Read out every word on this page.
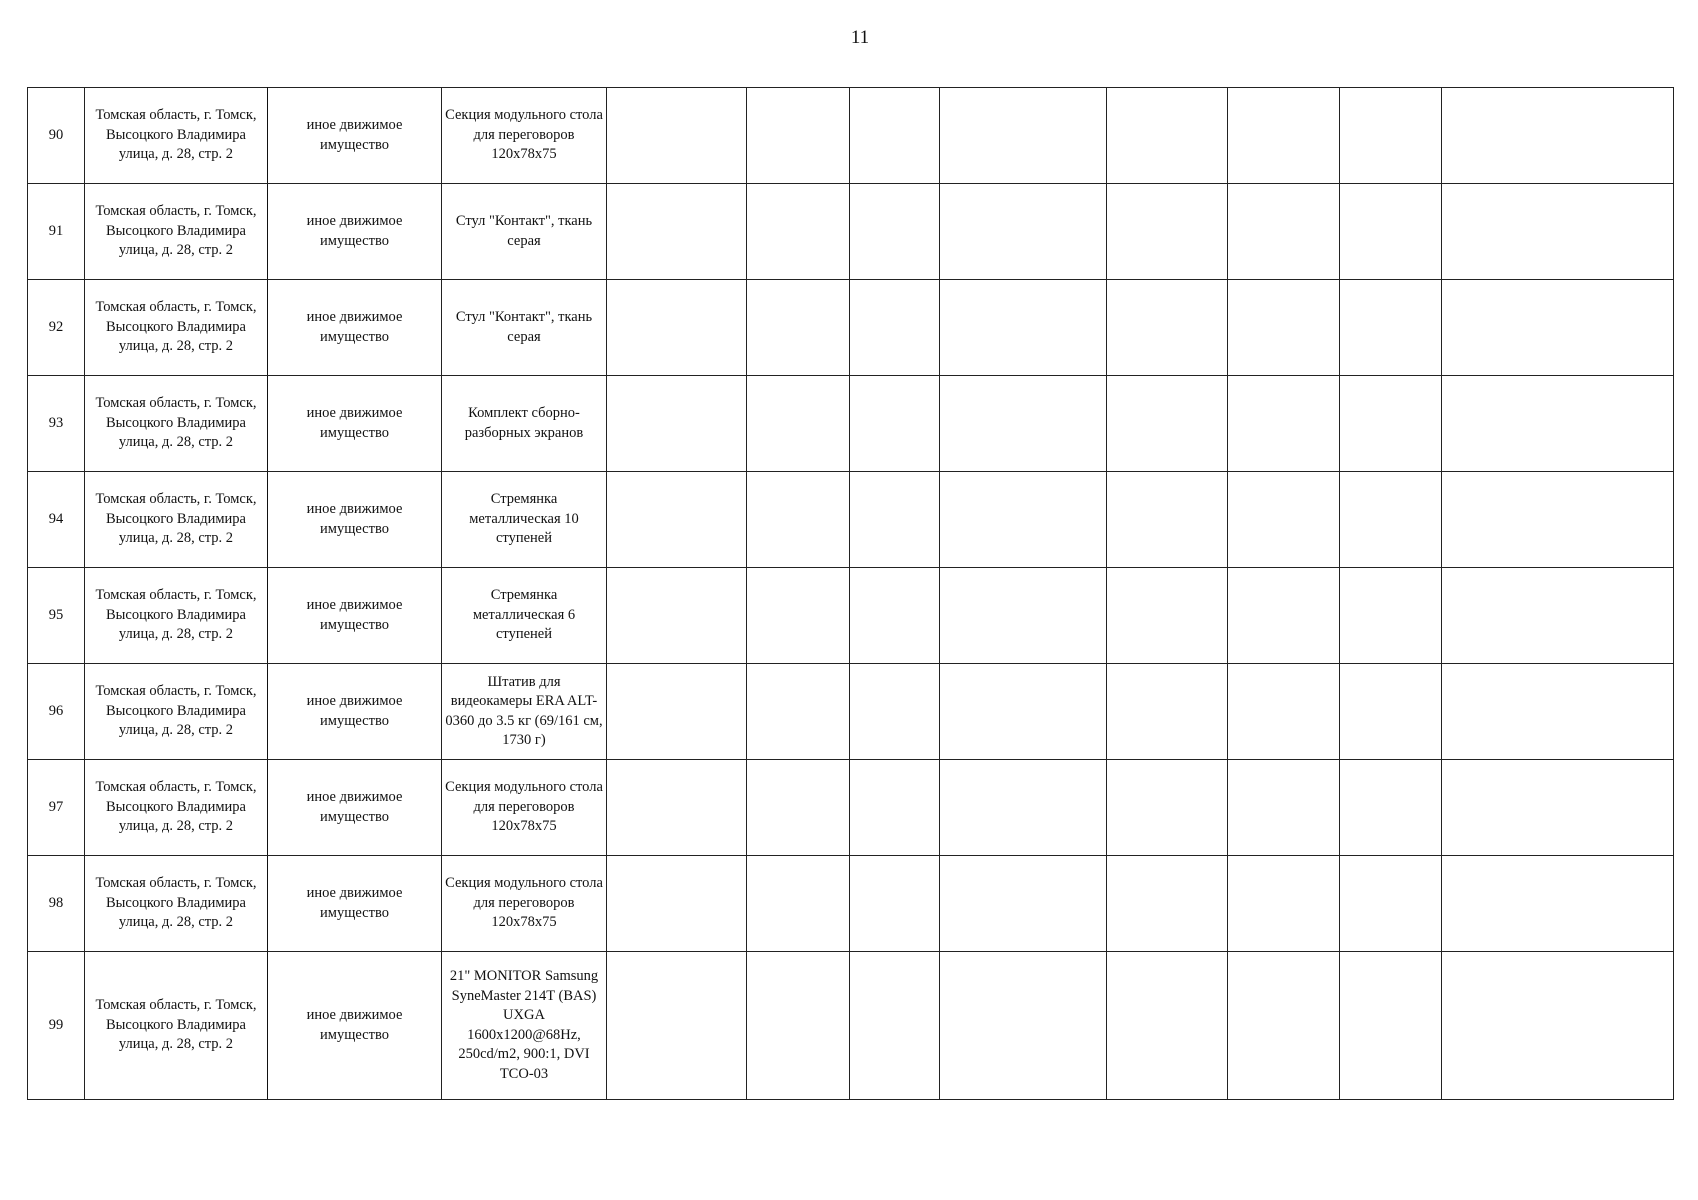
11
90	Томская область, г. Томск, Высоцкого Владимира улица, д. 28, стр. 2	иное движимое имущество	Секция модульного стола для переговоров 120х78х75								
91	Томская область, г. Томск, Высоцкого Владимира улица, д. 28, стр. 2	иное движимое имущество	Стул "Контакт", ткань серая								
92	Томская область, г. Томск, Высоцкого Владимира улица, д. 28, стр. 2	иное движимое имущество	Стул "Контакт", ткань серая								
93	Томская область, г. Томск, Высоцкого Владимира улица, д. 28, стр. 2	иное движимое имущество	Комплект сборно-разборных экранов								
94	Томская область, г. Томск, Высоцкого Владимира улица, д. 28, стр. 2	иное движимое имущество	Стремянка металлическая 10 ступеней								
95	Томская область, г. Томск, Высоцкого Владимира улица, д. 28, стр. 2	иное движимое имущество	Стремянка металлическая 6 ступеней								
96	Томская область, г. Томск, Высоцкого Владимира улица, д. 28, стр. 2	иное движимое имущество	Штатив для видеокамеры ERA ALT-0360 до 3.5 кг (69/161 см, 1730 г)								
97	Томская область, г. Томск, Высоцкого Владимира улица, д. 28, стр. 2	иное движимое имущество	Секция модульного стола для переговоров 120х78х75								
98	Томская область, г. Томск, Высоцкого Владимира улица, д. 28, стр. 2	иное движимое имущество	Секция модульного стола для переговоров 120х78х75								
99	Томская область, г. Томск, Высоцкого Владимира улица, д. 28, стр. 2	иное движимое имущество	21" MONITOR Samsung SyneMaster 214T (BAS) UXGA 1600x1200@68Hz, 250cd/m2, 900:1, DVI TCO-03								
